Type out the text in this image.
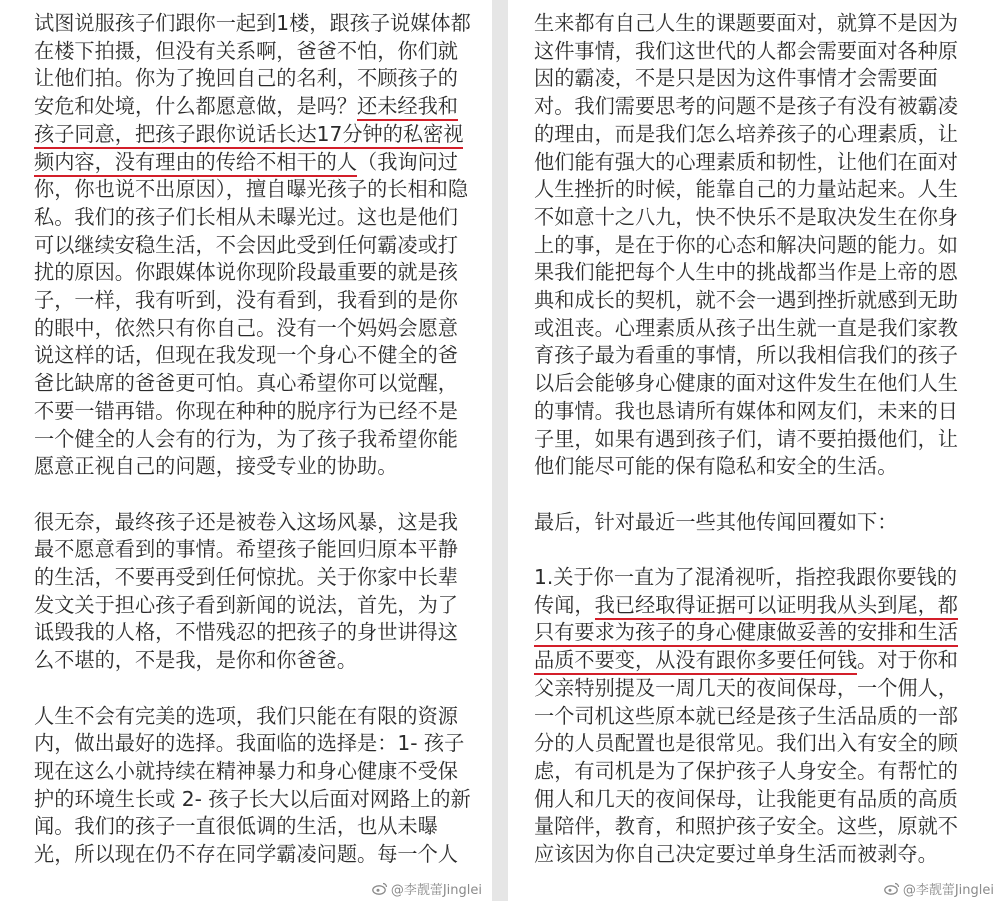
试图说服孩子们跟你一起到1楼，跟孩子说媒体都在楼下拍摄，但没有关系啊，爸爸不怕，你们就让他们拍。你为了挽回自己的名利，不顾孩子的安危和处境，什么都愿意做，是吗？还未经我和孩子同意，把孩子跟你说话长达17分钟的私密视频内容，没有理由的传给不相干的人（我询问过你，你也说不出原因），擅自曝光孩子的长相和隐私。我们的孩子们长相从未曝光过。这也是他们可以继续安稳生活，不会因此受到任何霸凌或打扰的原因。你跟媒体说你现阶段最重要的就是孩子，一样，我有听到，没有看到，我看到的是你的眼中，依然只有你自己。没有一个妈妈会愿意说这样的话，但现在我发现一个身心不健全的爸爸比缺席的爸爸更可怕。真心希望你可以觉醒，不要一错再错。你现在种种的脱序行为已经不是一个健全的人会有的行为，为了孩子我希望你能愿意正视自己的问题，接受专业的协助。

很无奈，最终孩子还是被卷入这场风暴，这是我最不愿意看到的事情。希望孩子能回归原本平静的生活，不要再受到任何惊扰。关于你家中长辈发文关于担心孩子看到新闻的说法，首先，为了诋毁我的人格，不惜残忍的把孩子的身世讲得这么不堪的，不是我，是你和你爸爸。

人生不会有完美的选项，我们只能在有限的资源内，做出最好的选择。我面临的选择是：1- 孩子现在这么小就持续在精神暴力和身心健康不受保护的环境生长或 2- 孩子长大以后面对网路上的新闻。我们的孩子一直很低调的生活，也从未曝光，所以现在仍不存在同学霸凌问题。每一个人

@李靓蕾Jinglei

生来都有自己人生的课题要面对，就算不是因为这件事情，我们这世代的人都会需要面对各种原因的霸凌，不是只是因为这件事情才会需要面对。我们需要思考的问题不是孩子有没有被霸凌的理由，而是我们怎么培养孩子的心理素质，让他们能有强大的心理素质和韧性，让他们在面对人生挫折的时候，能靠自己的力量站起来。人生不如意十之八九，快不快乐不是取决发生在你身上的事，是在于你的心态和解决问题的能力。如果我们能把每个人生中的挑战都当作是上帝的恩典和成长的契机，就不会一遇到挫折就感到无助或沮丧。心理素质从孩子出生就一直是我们家教育孩子最为看重的事情，所以我相信我们的孩子以后会能够身心健康的面对这件发生在他们人生的事情。我也恳请所有媒体和网友们，未来的日子里，如果有遇到孩子们，请不要拍摄他们，让他们能尽可能的保有隐私和安全的生活。

最后，针对最近一些其他传闻回覆如下：

1.关于你一直为了混淆视听，指控我跟你要钱的传闻，我已经取得证据可以证明我从头到尾，都只有要求为孩子的身心健康做妥善的安排和生活品质不要变，从没有跟你多要任何钱。对于你和父亲特别提及一周几天的夜间保母，一个佣人，一个司机这些原本就已经是孩子生活品质的一部分的人员配置也是很常见。我们出入有安全的顾虑，有司机是为了保护孩子人身安全。有帮忙的佣人和几天的夜间保母，让我能更有品质的高质量陪伴，教育，和照护孩子安全。这些，原就不应该因为你自己决定要过单身生活而被剥夺。

@李靓蕾Jinglei
